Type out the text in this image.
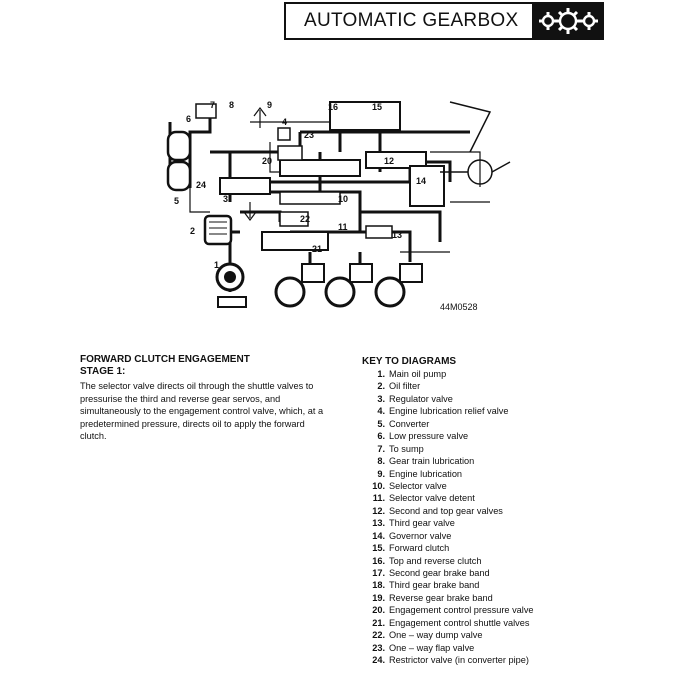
AUTOMATIC GEARBOX
1
2
3
4
5
6
7 8	9
10
11
12
13
14
15
16
17
18	19
20
21
22
23
24
44M0528
FORWARD CLUTCH ENGAGEMENT
STAGE 1:
The selector valve directs oil through the shuttle valves to pressurise the third and reverse gear servos, and simultaneously to the engagement control valve, which, at a predetermined pressure, directs oil to apply the forward clutch.
KEY TO DIAGRAMS
1. Main oil pump
2. Oil filter
3. Regulator valve
4. Engine lubrication relief valve
5. Converter
6. Low pressure valve
7. To sump
8. Gear train lubrication
9. Engine lubrication
10. Selector valve
11. Selector valve detent
12. Second and top gear valves
13. Third gear valve
14. Governor valve
15. Forward clutch
16. Top and reverse clutch
17. Second gear brake band
18. Third gear brake band
19. Reverse gear brake band
20. Engagement control pressure valve
21. Engagement control shuttle valves
22. One – way dump valve
23. One – way flap valve
24. Restrictor valve (in converter pipe)
